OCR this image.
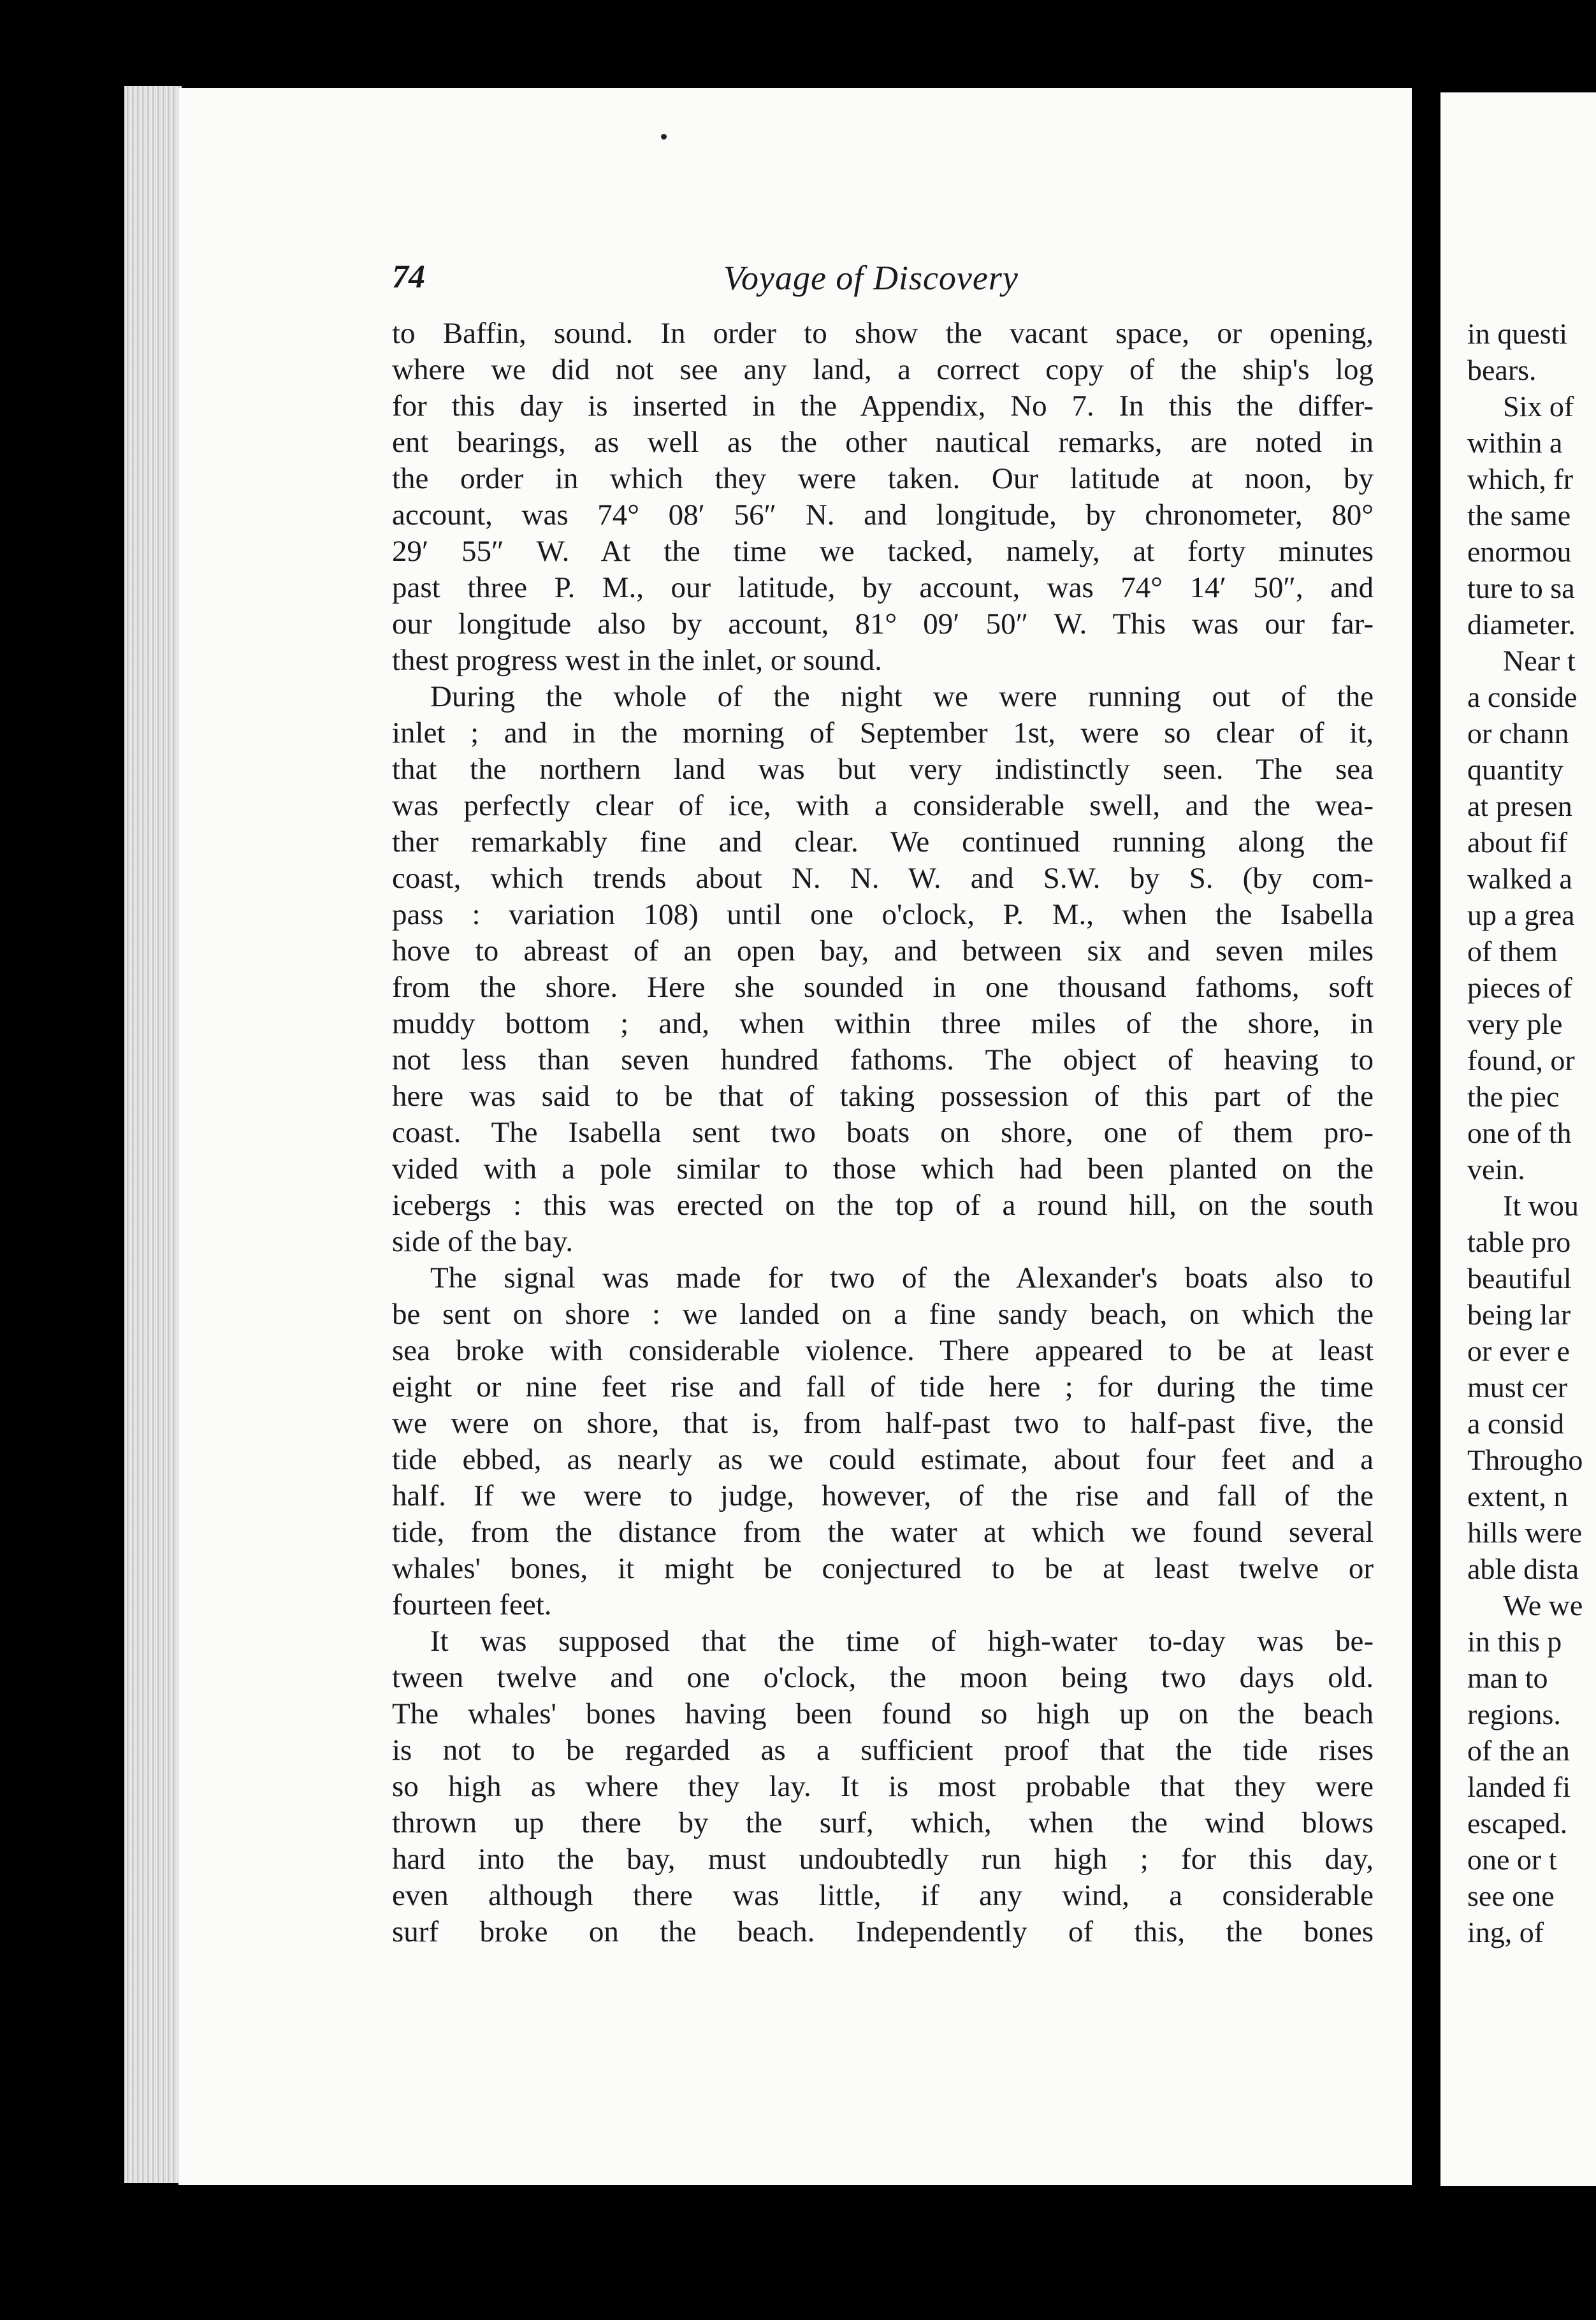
74	Voyage of Discovery
to Baffin, sound. In order to show the vacant space, or opening,
where we did not see any land, a correct copy of the ship's log
for this day is inserted in the Appendix, No 7. In this the differ-
ent bearings, as well as the other nautical remarks, are noted in
the order in which they were taken. Our latitude at noon, by
account, was 74° 08′ 56″ N. and longitude, by chronometer, 80°
29′ 55″ W. At the time we tacked, namely, at forty minutes
past three P. M., our latitude, by account, was 74° 14′ 50″, and
our longitude also by account, 81° 09′ 50″ W. This was our far-
thest progress west in the inlet, or sound.
During the whole of the night we were running out of the
inlet ; and in the morning of September 1st, were so clear of it,
that the northern land was but very indistinctly seen. The sea
was perfectly clear of ice, with a considerable swell, and the wea-
ther remarkably fine and clear. We continued running along the
coast, which trends about N. N. W. and S.W. by S. (by com-
pass : variation 108) until one o'clock, P. M., when the Isabella
hove to abreast of an open bay, and between six and seven miles
from the shore. Here she sounded in one thousand fathoms, soft
muddy bottom ; and, when within three miles of the shore, in
not less than seven hundred fathoms. The object of heaving to
here was said to be that of taking possession of this part of the
coast. The Isabella sent two boats on shore, one of them pro-
vided with a pole similar to those which had been planted on the
icebergs : this was erected on the top of a round hill, on the south
side of the bay.
The signal was made for two of the Alexander's boats also to
be sent on shore : we landed on a fine sandy beach, on which the
sea broke with considerable violence. There appeared to be at least
eight or nine feet rise and fall of tide here ; for during the time
we were on shore, that is, from half-past two to half-past five, the
tide ebbed, as nearly as we could estimate, about four feet and a
half. If we were to judge, however, of the rise and fall of the
tide, from the distance from the water at which we found several
whales' bones, it might be conjectured to be at least twelve or
fourteen feet.
It was supposed that the time of high-water to-day was be-
tween twelve and one o'clock, the moon being two days old.
The whales' bones having been found so high up on the beach
is not to be regarded as a sufficient proof that the tide rises
so high as where they lay. It is most probable that they were
thrown up there by the surf, which, when the wind blows
hard into the bay, must undoubtedly run high ; for this day,
even although there was little, if any wind, a considerable
surf broke on the beach. Independently of this, the bones
in questi
bears.
Six of
within a
which, fr
the same
enormou
ture to sa
diameter.
Near t
a conside
or chann
quantity
at presen
about fif
walked a
up a grea
of them
pieces of
very ple
found, or
the piec
one of th
vein.
It wou
table pro
beautiful
being lar
or ever e
must cer
a consid
Througho
extent, n
hills were
able dista
We we
in this p
man to
regions.
of the an
landed fi
escaped.
one or t
see one
ing, of
